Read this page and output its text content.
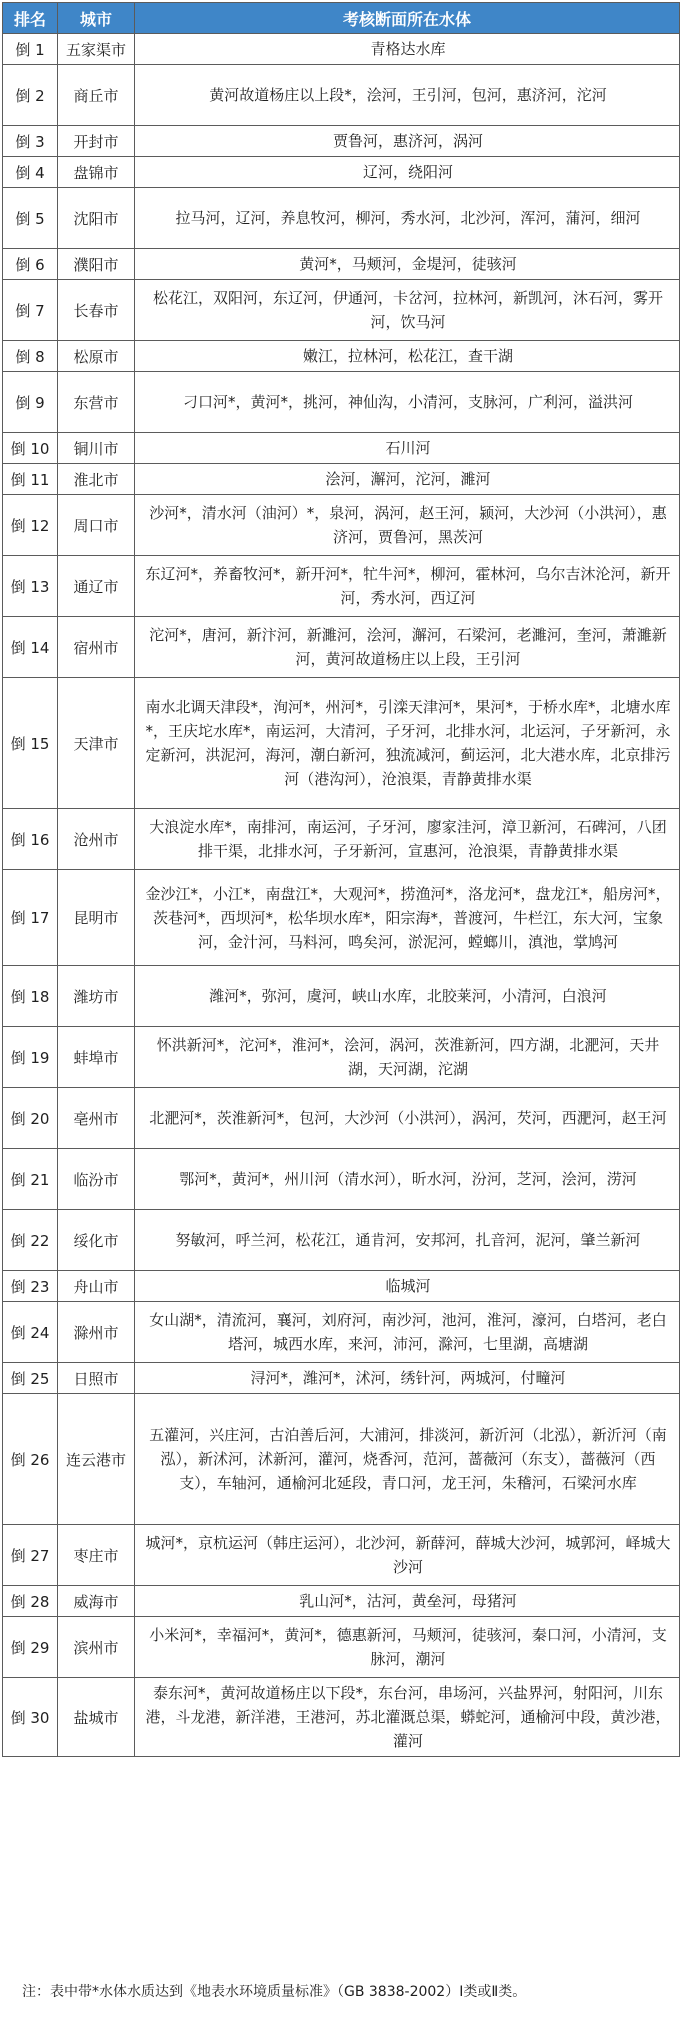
排名	城市	考核断面所在水体
倒 1	五家渠市	青格达水库
倒 2	商丘市	黄河故道杨庄以上段*，浍河，王引河，包河，惠济河，沱河
倒 3	开封市	贾鲁河，惠济河，涡河
倒 4	盘锦市	辽河，绕阳河
倒 5	沈阳市	拉马河，辽河，养息牧河，柳河，秀水河，北沙河，浑河，蒲河，细河
倒 6	濮阳市	黄河*，马颊河，金堤河，徒骇河
倒 7	长春市	松花江，双阳河，东辽河，伊通河，卡岔河，拉林河，新凯河，沐石河，雾开河，饮马河
倒 8	松原市	嫩江，拉林河，松花江，查干湖
倒 9	东营市	刁口河*，黄河*，挑河，神仙沟，小清河，支脉河，广利河，溢洪河
倒 10	铜川市	石川河
倒 11	淮北市	浍河，澥河，沱河，濉河
倒 12	周口市	沙河*，清水河（油河）*，泉河，涡河，赵王河，颍河，大沙河（小洪河），惠济河，贾鲁河，黑茨河
倒 13	通辽市	东辽河*，养畜牧河*，新开河*，牤牛河*，柳河，霍林河，乌尔吉沐沦河，新开河，秀水河，西辽河
倒 14	宿州市	沱河*，唐河，新汴河，新濉河，浍河，澥河，石梁河，老濉河，奎河，萧濉新河，黄河故道杨庄以上段，王引河
倒 15	天津市	南水北调天津段*，洵河*，州河*，引滦天津河*，果河*，于桥水库*，北塘水库*，王庆坨水库*，南运河，大清河，子牙河，北排水河，北运河，子牙新河，永定新河，洪泥河，海河，潮白新河，独流减河，蓟运河，北大港水库，北京排污河（港沟河），沧浪渠，青静黄排水渠
倒 16	沧州市	大浪淀水库*，南排河，南运河，子牙河，廖家洼河，漳卫新河，石碑河，八团排干渠，北排水河，子牙新河，宣惠河，沧浪渠，青静黄排水渠
倒 17	昆明市	金沙江*，小江*，南盘江*，大观河*，捞渔河*，洛龙河*，盘龙江*，船房河*，茨巷河*，西坝河*，松华坝水库*，阳宗海*，普渡河，牛栏江，东大河，宝象河，金汁河，马料河，鸣矣河，淤泥河，螳螂川，滇池，掌鸠河
倒 18	潍坊市	潍河*，弥河，虞河，峡山水库，北胶莱河，小清河，白浪河
倒 19	蚌埠市	怀洪新河*，沱河*，淮河*，浍河，涡河，茨淮新河，四方湖，北淝河，天井湖，天河湖，沱湖
倒 20	亳州市	北淝河*，茨淮新河*，包河，大沙河（小洪河），涡河，芡河，西淝河，赵王河
倒 21	临汾市	鄂河*，黄河*，州川河（清水河），昕水河，汾河，芝河，浍河，涝河
倒 22	绥化市	努敏河，呼兰河，松花江，通肯河，安邦河，扎音河，泥河，肇兰新河
倒 23	舟山市	临城河
倒 24	滁州市	女山湖*，清流河，襄河，刘府河，南沙河，池河，淮河，濠河，白塔河，老白塔河，城西水库，来河，沛河，滁河，七里湖，高塘湖
倒 25	日照市	浔河*，潍河*，沭河，绣针河，两城河，付疃河
倒 26	连云港市	五灌河，兴庄河，古泊善后河，大浦河，排淡河，新沂河（北泓），新沂河（南泓），新沭河，沭新河，灌河，烧香河，范河，蔷薇河（东支），蔷薇河（西支），车轴河，通榆河北延段，青口河，龙王河，朱稽河，石梁河水库
倒 27	枣庄市	城河*，京杭运河（韩庄运河），北沙河，新薛河，薛城大沙河，城郭河，峄城大沙河
倒 28	威海市	乳山河*，沽河，黄垒河，母猪河
倒 29	滨州市	小米河*，幸福河*，黄河*，德惠新河，马颊河，徒骇河，秦口河，小清河，支脉河，潮河
倒 30	盐城市	泰东河*，黄河故道杨庄以下段*，东台河，串场河，兴盐界河，射阳河，川东港，斗龙港，新洋港，王港河，苏北灌溉总渠，蟒蛇河，通榆河中段，黄沙港，灌河
注：表中带*水体水质达到《地表水环境质量标准》（GB 3838-2002）Ⅰ类或Ⅱ类。
